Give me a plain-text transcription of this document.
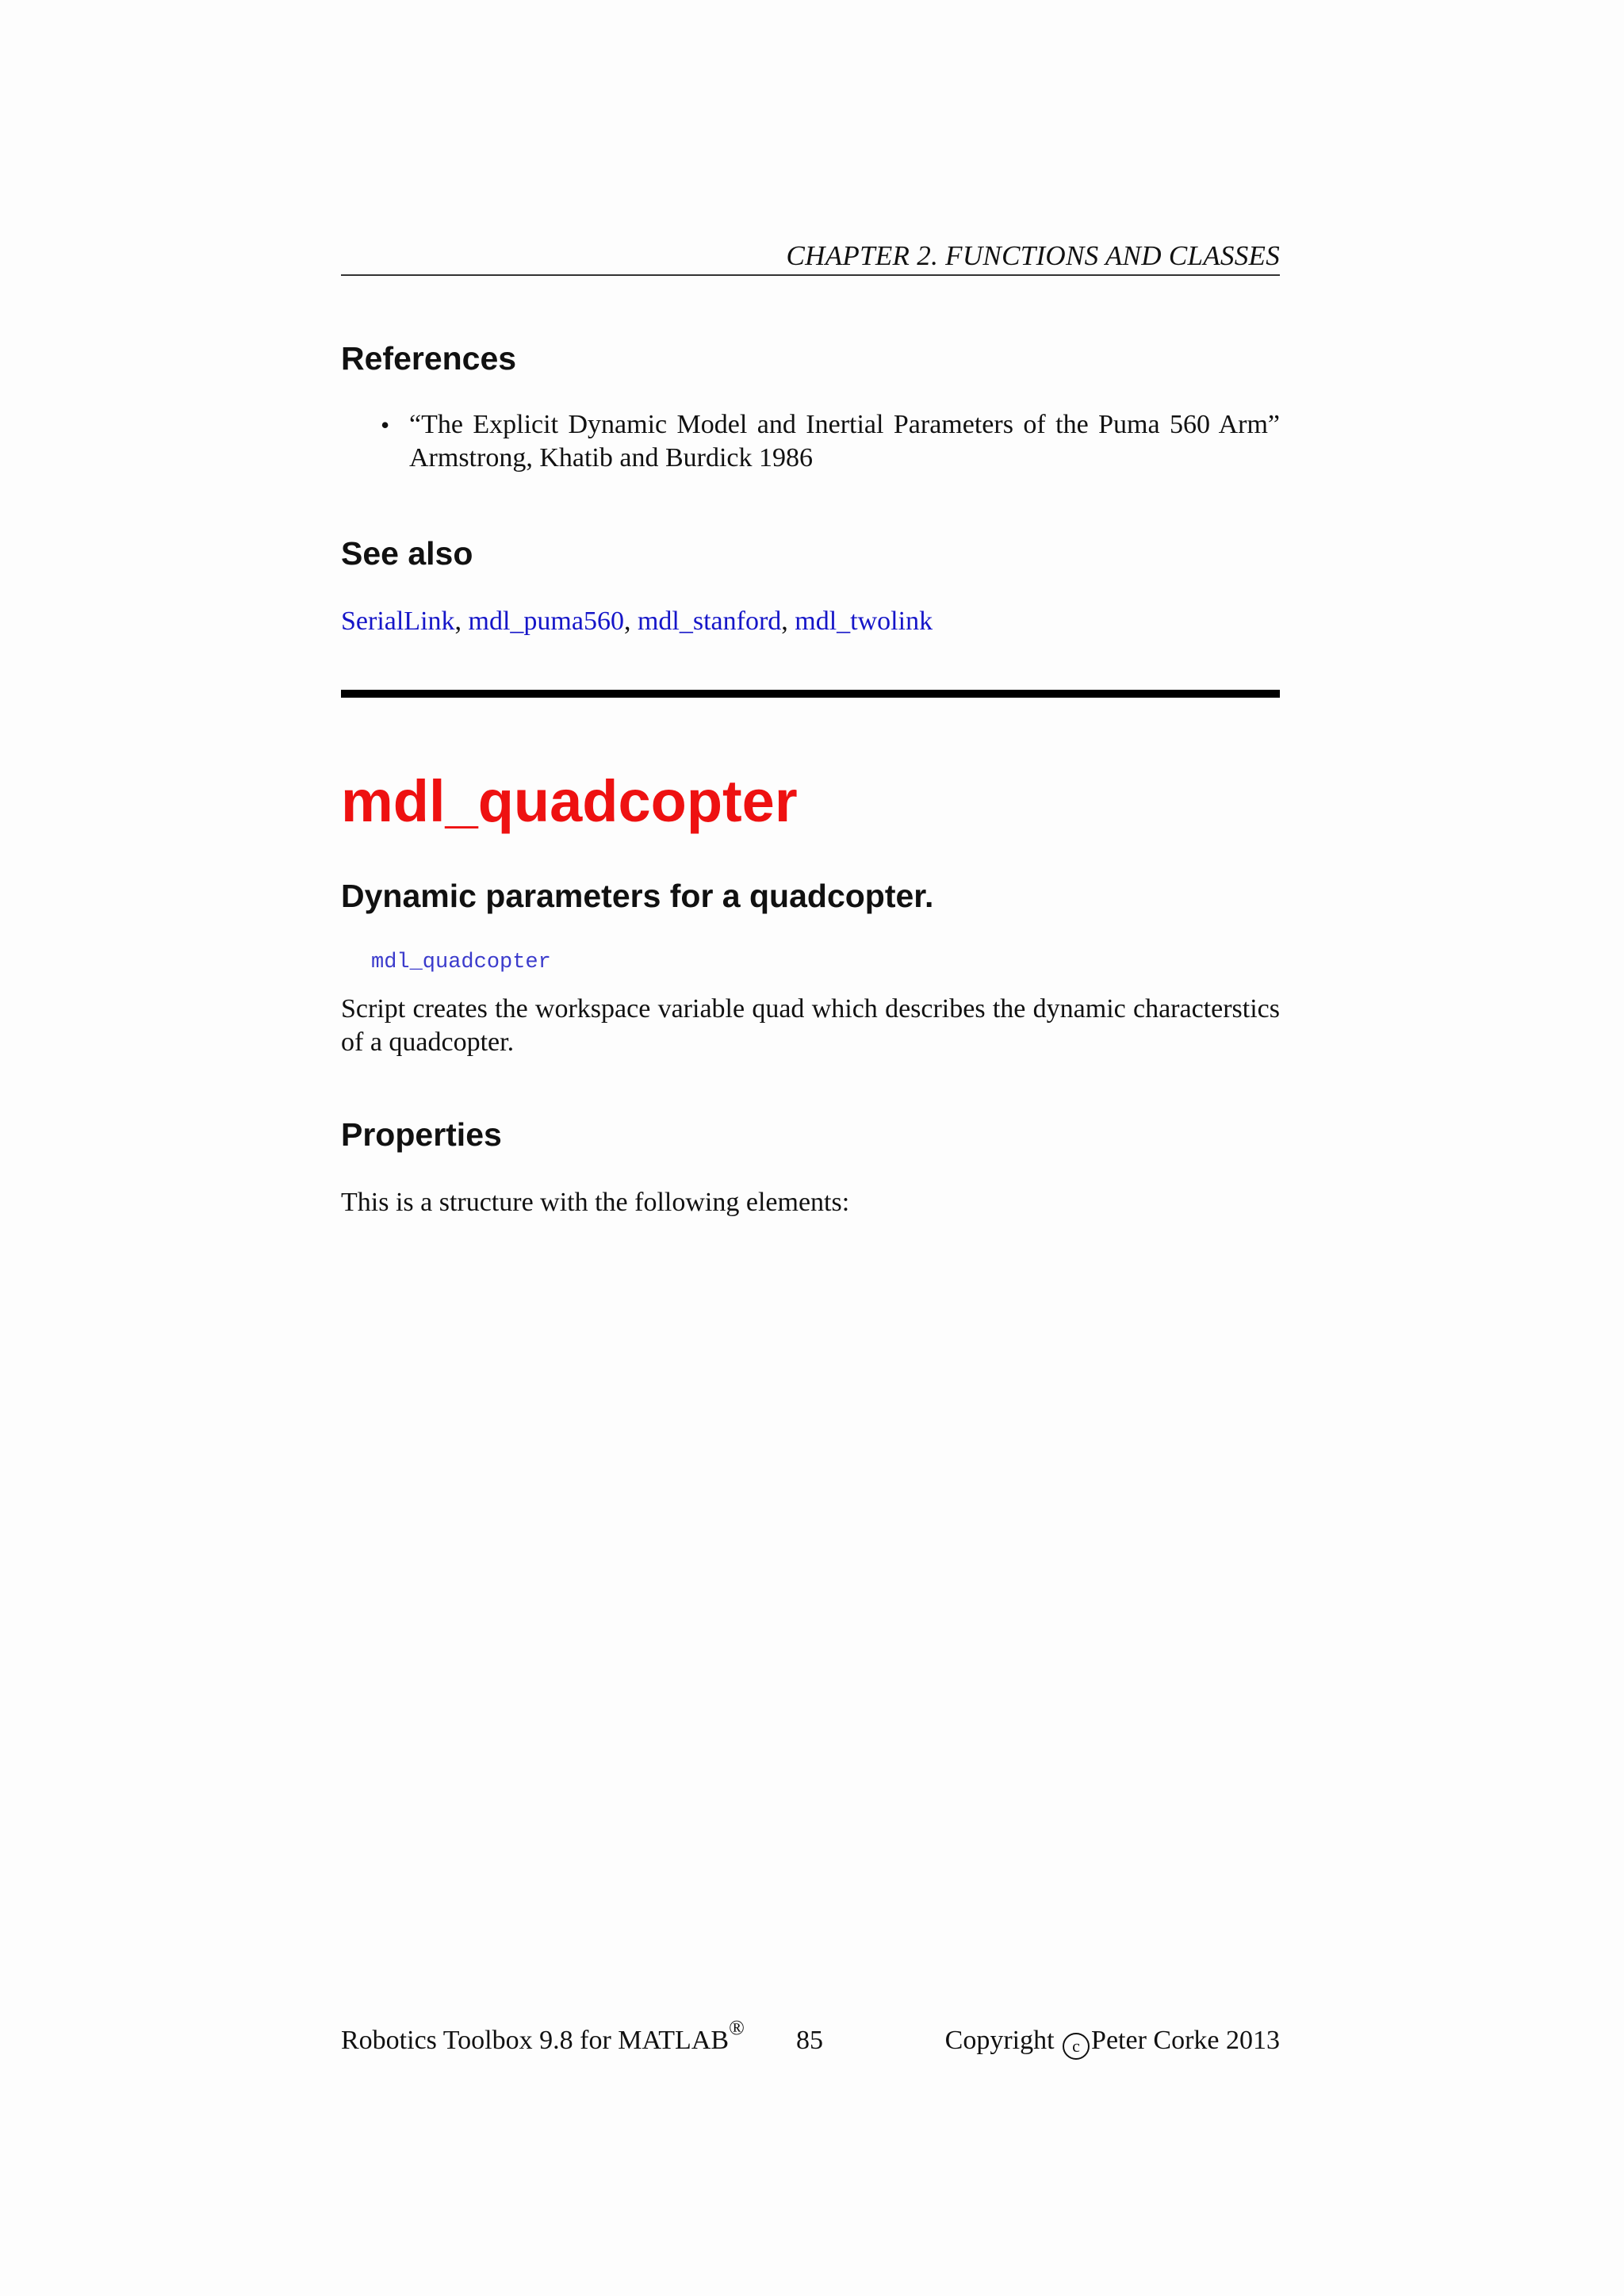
CHAPTER 2. FUNCTIONS AND CLASSES
References
• “The Explicit Dynamic Model and Inertial Parameters of the Puma 560 Arm”
Armstrong, Khatib and Burdick 1986
See also
SerialLink, mdl_puma560, mdl_stanford, mdl_twolink
mdl_quadcopter
Dynamic parameters for a quadcopter.
mdl_quadcopter

Script creates the workspace variable quad which describes the dynamic characterstics
of a quadcopter.

Properties

This is a structure with the following elements:

Robotics Toolbox 9.8 for MATLAB® 85	Copyright c Peter Corke 2013
